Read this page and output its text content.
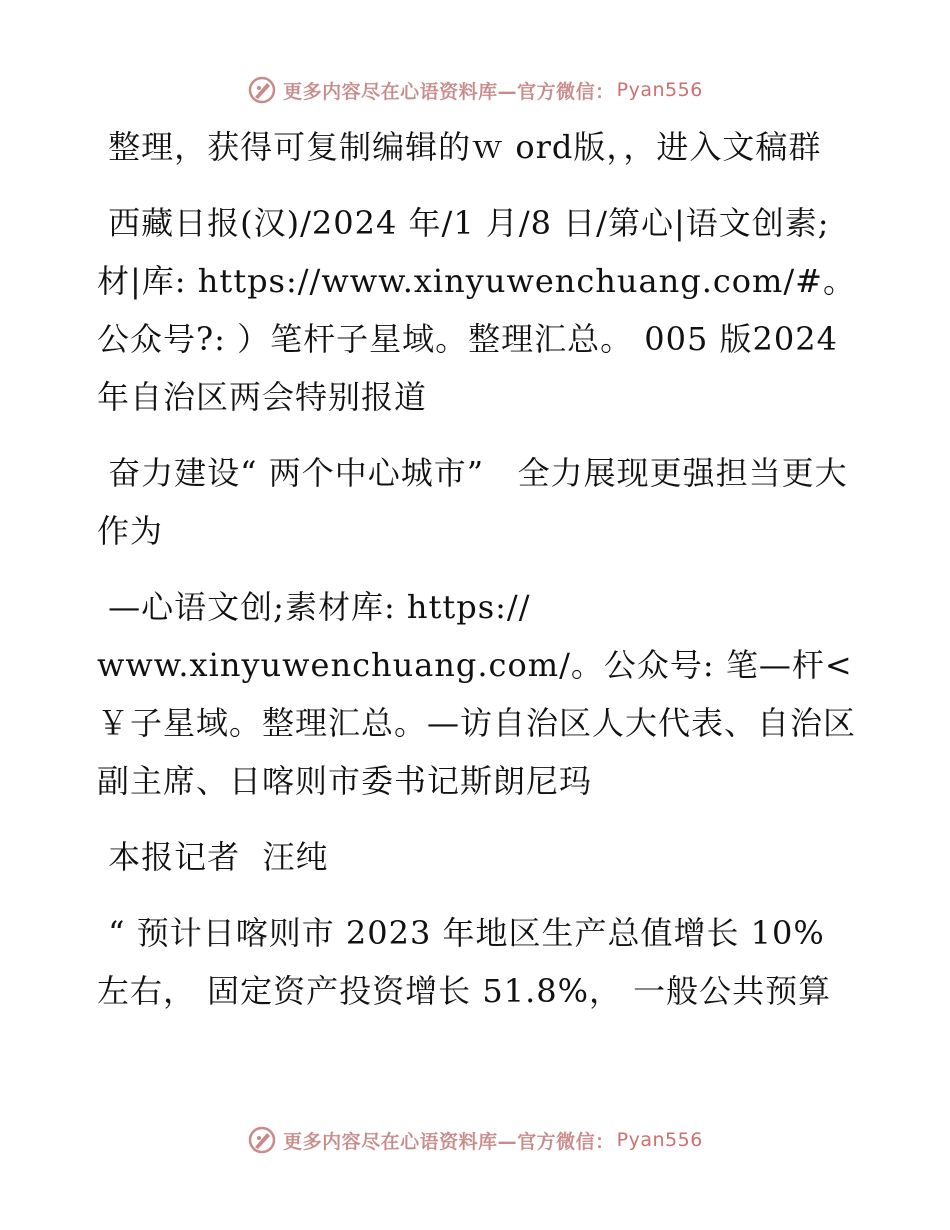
更多内容尽在心语资料库—官方微信： Pyan556

整理，获得可复制编辑的ｗ ord版，，进入文稿群

西藏日报(汉)/2024 年/1 月/8 日/第心|语文创素;材|库: https://www.xinyuwenchuang.com/#。公众号?: ）笔杆子星域。整理汇总。 005 版2024年自治区两会特别报道

奋力建设“ 两个中心城市”   全力展现更强担当更大作为

—心语文创;素材库: https://
www.xinyuwenchuang.com/。公众号: 笔—杆<￥子星域。整理汇总。—访自治区人大代表、自治区副主席、日喀则市委书记斯朗尼玛

本报记者  汪纯

“ 预计日喀则市 2023 年地区生产总值增长 10%左右， 固定资产投资增长 51.8%， 一般公共预算

更多内容尽在心语资料库—官方微信： Pyan556
